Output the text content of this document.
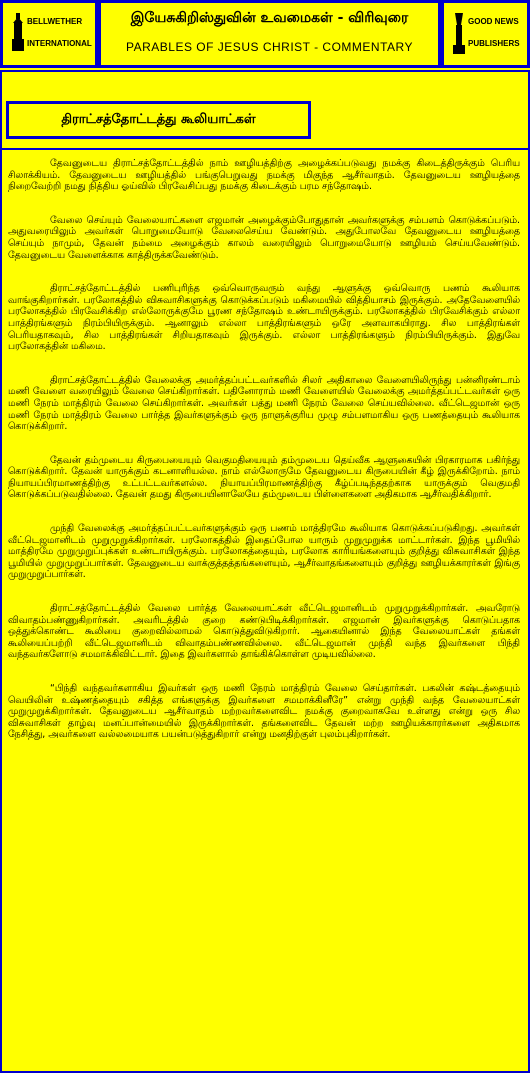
BELLWETHER
INTERNATIONAL
இயேசுகிறிஸ்துவின் உவமைகள் - விரிவுரை
PARABLES OF JESUS CHRIST - COMMENTARY
GOOD NEWS
PUBLISHERS
திராட்சத்தோட்டத்து கூலியாட்கள்

தேவனுடைய திராட்சத்தோட்டத்தில் நாம் ஊழியத்திற்கு அழைக்கப்படுவது நமக்கு கிடைத்திருக்கும் பெரிய சிலாக்கியம். தேவனுடைய ஊழியத்தில் பங்குபெறுவது நமக்கு மிகுந்த ஆசீர்வாதம். தேவனுடைய ஊழியத்தை நிறைவேற்றி நமது நித்திய ஓய்வில் பிரவேசிப்பது நமக்கு கிடைக்கும் பரம சந்தோஷம்.

வேலை செய்யும் வேலையாட்களை எஜமான் அழைக்கும்போதுதான் அவர்களுக்கு சம்பளம் கொடுக்கப்படும். அதுவரையிலும் அவர்கள் பொறுமையோடு வேலைசெய்ய வேண்டும். அதுபோலவே தேவனுடைய ஊழியத்தை செய்யும் நாமும், தேவன் நம்மை அழைக்கும் காலம் வரையிலும் பொறுமையோடு ஊழியம் செய்யவேண்டும். தேவனுடைய வேளைக்காக காத்திருக்கவேண்டும்.

திராட்சத்தோட்டத்தில் பணிபுரிந்த ஒவ்வொருவரும் வந்து ஆளுக்கு ஒவ்வொரு பணம் கூலியாக வாங்குகிறார்கள். பரலோகத்தில் விசுவாசிகளுக்கு கொடுக்கப்படும் மகிமையில் வித்தியாசம் இருக்கும். அதேவேளையில் பரலோகத்தில் பிரவேசிக்கிற எல்லோருக்குமே பூரண சந்தோஷம் உண்டாயிருக்கும். பரலோகத்தில் பிரவேசிக்கும் எல்லா பாத்திரங்களும் நிரம்பியிருக்கும். ஆனாலும் எல்லா பாத்திரங்களும் ஒரே அளவாகயிராது. சில பாத்திரங்கள் பெரியதாகவும், சில பாத்திரங்கள் சிறியதாகவும் இருக்கும். எல்லா பாத்திரங்களும் நிரம்பியிருக்கும். இதுவே பரலோகத்தின் மகிமை.

திராட்சத்தோட்டத்தில் வேலைக்கு அமர்த்தப்பட்டவர்களில் சிலர் அதிகாலை வேளையிலிருந்து பன்னிரண்டாம் மணி வேளை வரையிலும் வேலை செய்கிறார்கள். பதினோராம் மணி வேளையில் வேலைக்கு அமர்த்தப்பட்டவர்கள் ஒரு மணி நேரம் மாத்திரம் வேலை செய்கிறார்கள். அவர்கள் பத்து மணி நேரம் வேலை செய்யவில்லை. வீட்டெஜமான் ஒரு மணி நேரம் மாத்திரம் வேலை பார்த்த இவர்களுக்கும் ஒரு நாளுக்குரிய முழு சம்பளமாகிய ஒரு பணத்தையும் கூலியாக கொடுக்கிறார்.

தேவன் தம்முடைய கிருபையையும் வெகுமதியையும் தம்முடைய தெய்வீக ஆளுகையின் பிரகாரமாக பகிர்ந்து கொடுக்கிறார். தேவன் யாருக்கும் கடனாளியல்ல. நாம் எல்லோருமே தேவனுடைய கிருபையின் கீழ் இருக்கிறோம். நாம் நியாயப்பிரமாணத்திற்கு உட்பட்டவர்களல்ல. நியாயப்பிரமாணத்திற்கு கீழ்ப்படிந்ததற்காக யாருக்கும் வெகுமதி கொடுக்கப்படுவதில்லை. தேவன் தமது கிருபையினாலேயே தம்முடைய பிள்ளைகளை அதிகமாக ஆசீர்வதிக்கிறார்.

முந்தி வேலைக்கு அமர்த்தப்பட்டவர்களுக்கும் ஒரு பணம் மாத்திரமே கூலியாக கொடுக்கப்படுகிறது. அவர்கள் வீட்டெஜமானிடம் முறுமுறுக்கிறார்கள். பரலோகத்தில் இதைப்போல யாரும் முறுமுறுக்க மாட்டார்கள். இந்த பூமியில் மாத்திரமே முறுமுறுப்புக்கள் உண்டாயிருக்கும். பரலோகத்தையும், பரலோக காரியங்களையும் குறித்து விசுவாசிகள் இந்த பூமியில் முறுமுறுப்பார்கள். தேவனுடைய வாக்குத்தத்தங்களையும், ஆசீர்வாதங்களையும் குறித்து ஊழியக்காரர்கள் இங்கு முறுமுறுப்பார்கள்.

திராட்சத்தோட்டத்தில் வேலை பார்த்த வேலையாட்கள் வீட்டெஜமானிடம் முறுமுறுக்கிறார்கள். அவரோடு விவாதம்பண்ணுகிறார்கள். அவரிடத்தில் குறை கண்டுபிடிக்கிறார்கள். எஜமான் இவர்களுக்கு கொடுப்பதாக ஒத்துக்கொண்ட கூலியை குறைவில்லாமல் கொடுத்துவிடுகிறார். ஆகையினால் இந்த வேலையாட்கள் தங்கள் கூலியைப்பற்றி வீட்டெஜமானிடம் விவாதம்பண்ணவில்லை. வீட்டெஜமான் முந்தி வந்த இவர்களை பிந்தி வந்தவர்களோடு சமமாக்கிவிட்டார். இதை இவர்களால் தாங்கிக்கொள்ள முடியவில்லை.

“பிந்தி வந்தவர்களாகிய இவர்கள் ஒரு மணி நேரம் மாத்திரம் வேலை செய்தார்கள். பகலின் கஷ்டத்தையும் வெயிலின் உஷ்ணத்தையும் சகித்த எங்களுக்கு இவர்களை சமமாக்கினீரே” என்று முந்தி வந்த வேலையாட்கள் முறுமுறுக்கிறார்கள். தேவனுடைய ஆசீர்வாதம் மற்றவர்களைவிட நமக்கு குறைவாகவே உள்ளது என்று ஒரு சில விசுவாசிகள் தாழ்வு மனப்பான்மையில் இருக்கிறார்கள். தங்களைவிட தேவன் மற்ற ஊழியக்காரர்களை அதிகமாக நேசித்து, அவர்களை வல்லமையாக பயன்படுத்துகிறார் என்று மனதிற்குள் புலம்புகிறார்கள்.
